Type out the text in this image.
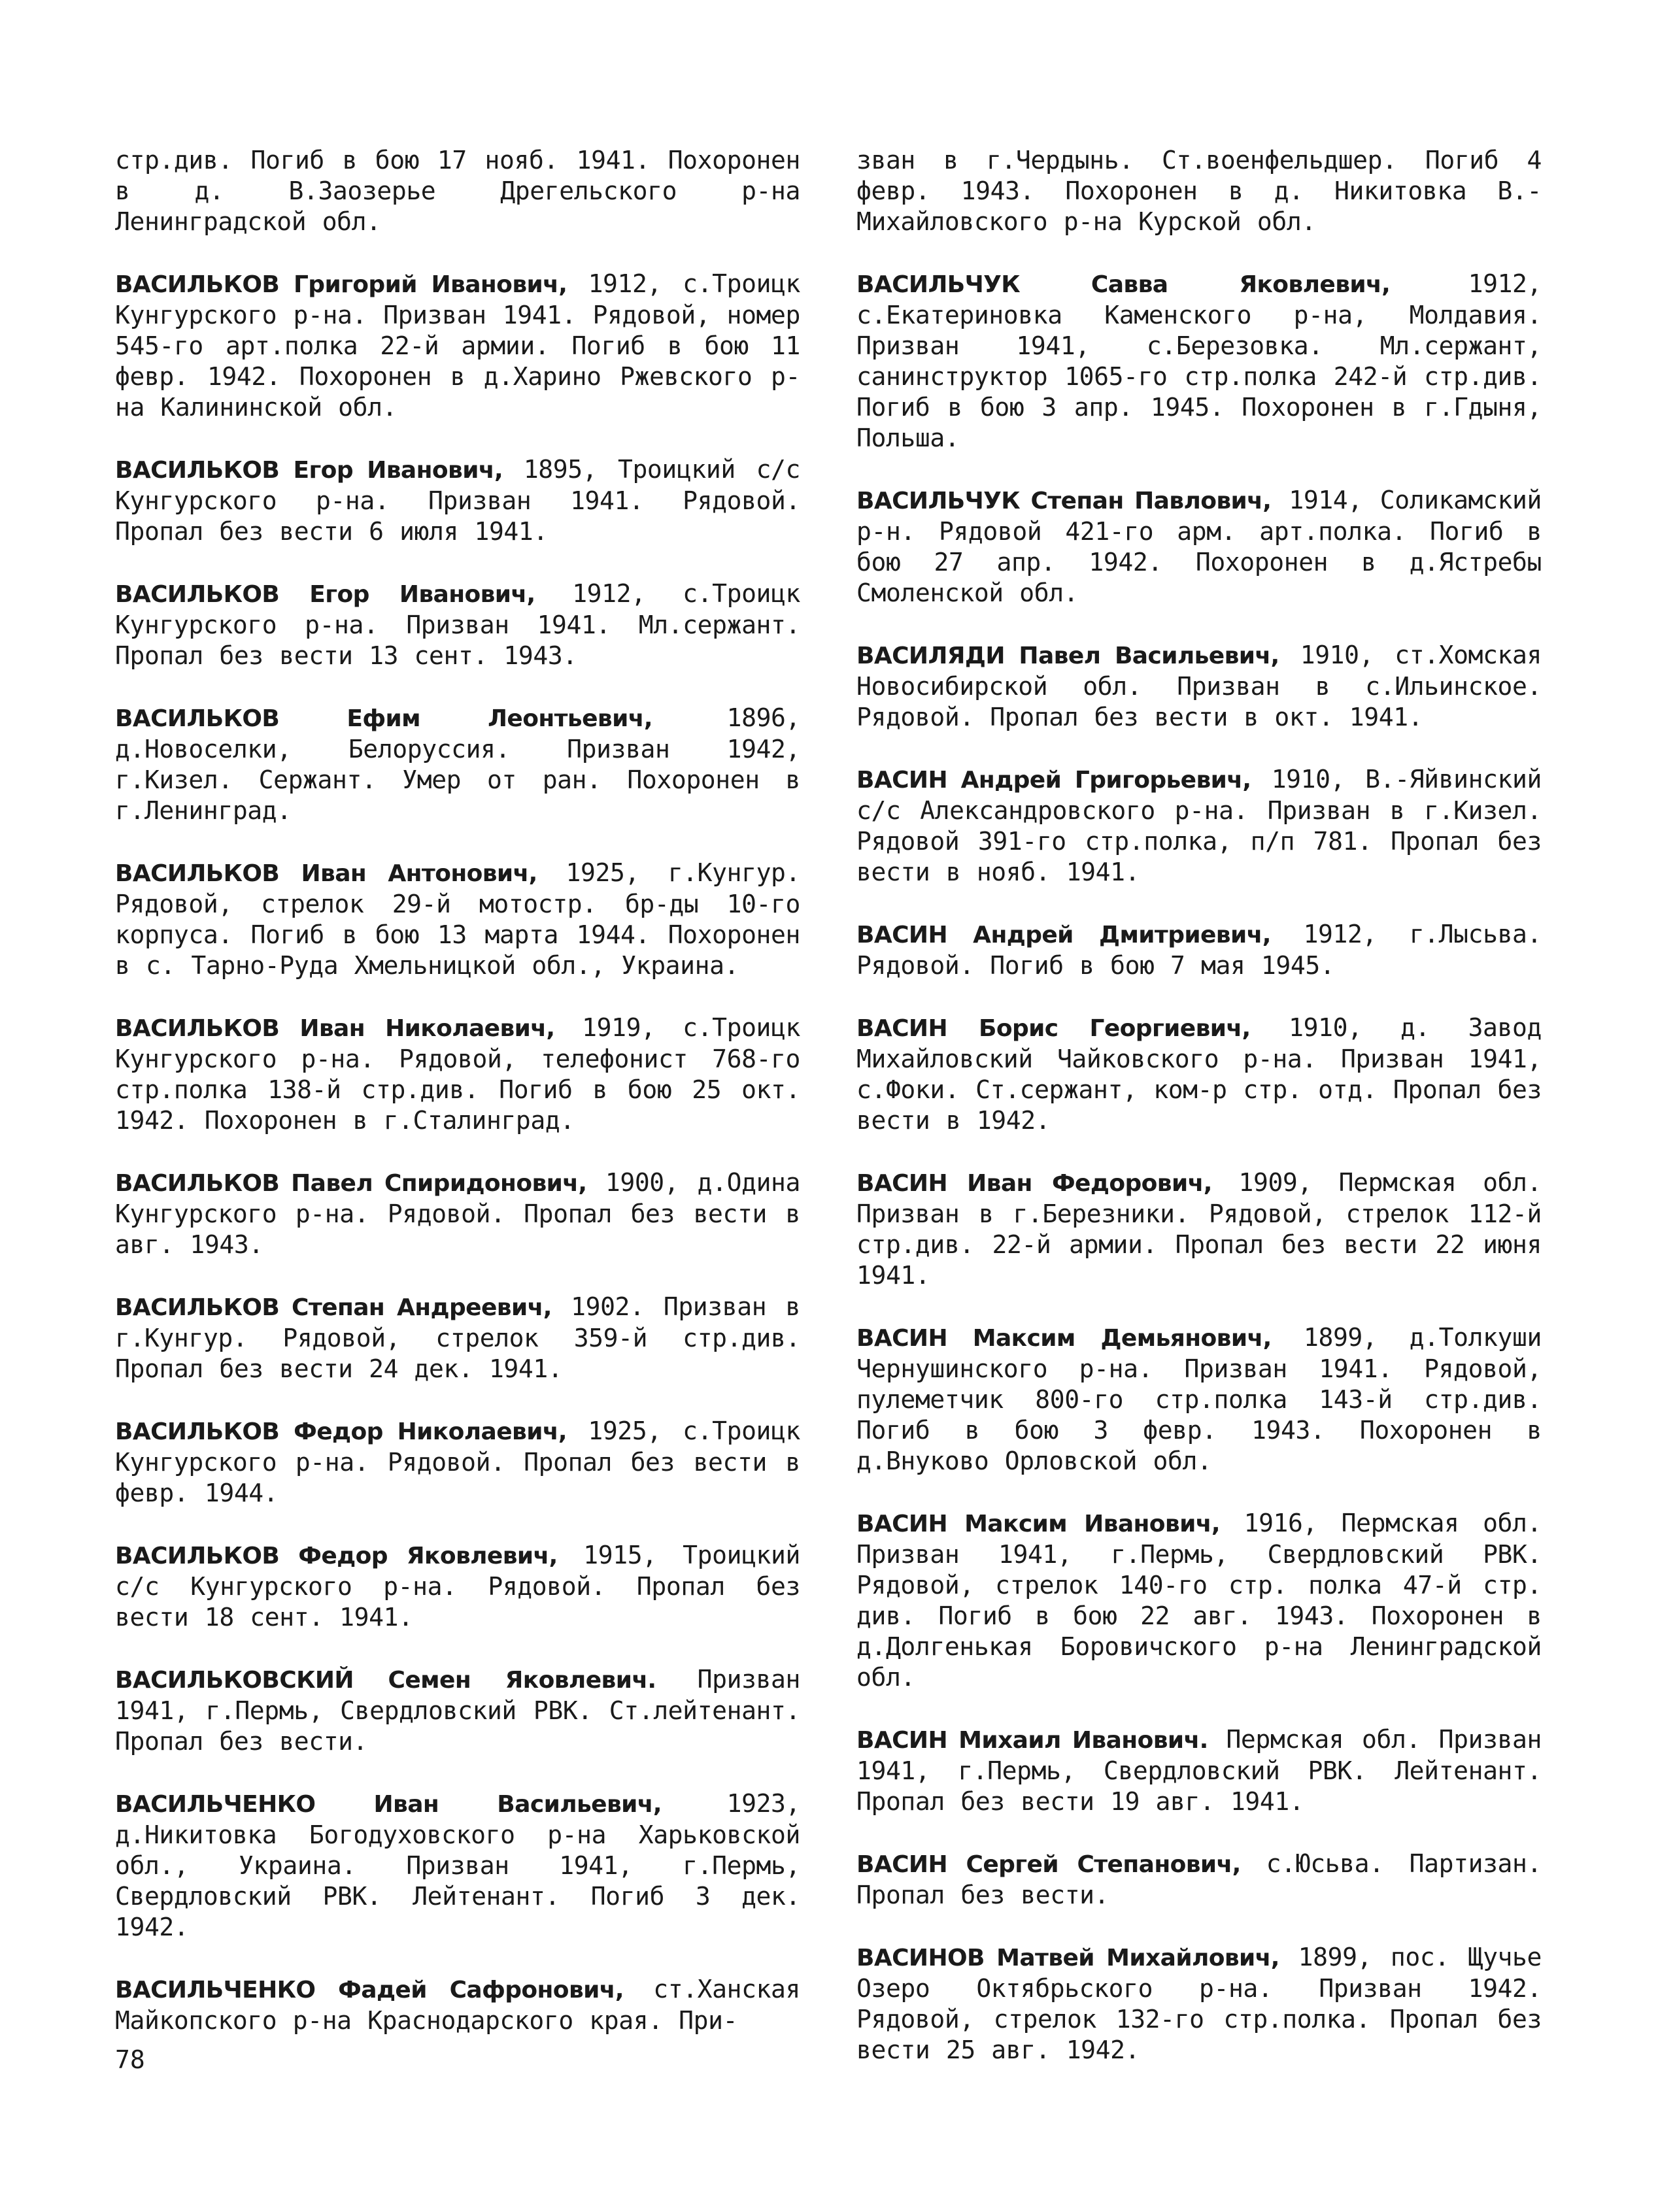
стр.див. Погиб в бою 17 нояб. 1941. Похоронен в д. В.Заозерье Дрегельского р-на Ленинградской обл.

ВАСИЛЬКОВ Григорий Иванович, 1912, с.Троицк Кунгурского р-на. Призван 1941. Рядовой, номер 545-го арт.полка 22-й армии. Погиб в бою 11 февр. 1942. Похоронен в д.Харино Ржевского р-на Калининской обл.

ВАСИЛЬКОВ Егор Иванович, 1895, Троицкий с/с Кунгурского р-на. Призван 1941. Рядовой. Пропал без вести 6 июля 1941.

ВАСИЛЬКОВ Егор Иванович, 1912, с.Троицк Кунгурского р-на. Призван 1941. Мл.сержант. Пропал без вести 13 сент. 1943.

ВАСИЛЬКОВ Ефим Леонтьевич,	1896, д.Новоселки, Белоруссия. Призван 1942, г.Кизел. Сержант. Умер от ран. Похоронен в г.Ленинград.

ВАСИЛЬКОВ Иван Антонович, 1925, г.Кунгур. Рядовой, стрелок 29-й мотостр. бр-ды 10-го корпуса. Погиб в бою 13 марта 1944. Похоронен в с. Тарно-Руда Хмельницкой обл., Украина.

ВАСИЛЬКОВ Иван Николаевич, 1919, с.Троицк Кунгурского р-на. Рядовой, телефонист 768-го стр.полка 138-й стр.див. Погиб в бою 25 окт. 1942. Похоронен в г.Сталинград.

ВАСИЛЬКОВ Павел Спиридонович, 1900, д.Одина Кунгурского р-на. Рядовой. Пропал без вести в авг. 1943.

ВАСИЛЬКОВ Степан Андреевич, 1902. Призван в г.Кунгур. Рядовой, стрелок 359-й стр.див. Пропал без вести 24 дек. 1941.

ВАСИЛЬКОВ Федор Николаевич, 1925, с.Троицк Кунгурского р-на. Рядовой. Пропал без вести в февр. 1944.

ВАСИЛЬКОВ Федор Яковлевич, 1915, Троицкий с/с Кунгурского р-на. Рядовой. Пропал без вести 18 сент. 1941.

ВАСИЛЬКОВСКИЙ Семен Яковлевич. Призван 1941, г.Пермь, Свердловский РВК. Ст.лейтенант. Пропал без вести.

ВАСИЛЬЧЕНКО Иван Васильевич,	1923, д.Никитовка Богодуховского р-на Харьковской обл., Украина. Призван 1941, г.Пермь, Свердловский РВК. Лейтенант. Погиб 3 дек. 1942.

ВАСИЛЬЧЕНКО Фадей Сафронович, ст.Ханская Майкопского р-на Краснодарского края. При-

зван в г.Чердынь. Ст.военфельдшер. Погиб 4 февр. 1943. Похоронен в д. Никитовка В.-Михайловского р-на Курской обл.

ВАСИЛЬЧУК Савва Яковлевич,	1912, с.Екатериновка Каменского р-на, Молдавия. Призван 1941, с.Березовка. Мл.сержант, санинструктор 1065-го стр.полка 242-й стр.див. Погиб в бою 3 апр. 1945. Похоронен в г.Гдыня, Польша.

ВАСИЛЬЧУК Степан Павлович, 1914, Соликамский р-н. Рядовой 421-го арм. арт.полка. Погиб в бою 27 апр. 1942. Похоронен в д.Ястребы Смоленской обл.

ВАСИЛЯДИ Павел Васильевич, 1910, ст.Хомская Новосибирской обл. Призван в с.Ильинское. Рядовой. Пропал без вести в окт. 1941.

ВАСИН Андрей Григорьевич, 1910, В.-Яйвинский с/с Александровского р-на. Призван в г.Кизел. Рядовой 391-го стр.полка, п/п 781. Пропал без вести в нояб. 1941.

ВАСИН Андрей Дмитриевич, 1912, г.Лысьва. Рядовой. Погиб в бою 7 мая 1945.

ВАСИН Борис Георгиевич, 1910, д. Завод Михайловский Чайковского р-на. Призван 1941, с.Фоки. Ст.сержант, ком-р стр. отд. Пропал без вести в 1942.

ВАСИН Иван Федорович, 1909, Пермская обл. Призван в г.Березники. Рядовой, стрелок 112-й стр.див. 22-й армии. Пропал без вести 22 июня 1941.

ВАСИН Максим Демьянович, 1899, д.Толкуши Чернушинского р-на. Призван 1941. Рядовой, пулеметчик 800-го стр.полка 143-й стр.див. Погиб в бою 3 февр. 1943. Похоронен в д.Внуково Орловской обл.

ВАСИН Максим Иванович, 1916, Пермская обл. Призван 1941, г.Пермь, Свердловский РВК. Рядовой, стрелок 140-го стр. полка 47-й стр. див. Погиб в бою 22 авг. 1943. Похоронен в д.Долгенькая Боровичского р-на Ленинградской обл.

ВАСИН Михаил Иванович. Пермская обл. Призван 1941, г.Пермь, Свердловский РВК. Лейтенант. Пропал без вести 19 авг. 1941.

ВАСИН Сергей Степанович, с.Юсьва. Партизан. Пропал без вести.

ВАСИНОВ Матвей Михайлович, 1899, пос. Щучье Озеро Октябрьского р-на. Призван 1942. Рядовой, стрелок 132-го стр.полка. Пропал без вести 25 авг. 1942.

78
